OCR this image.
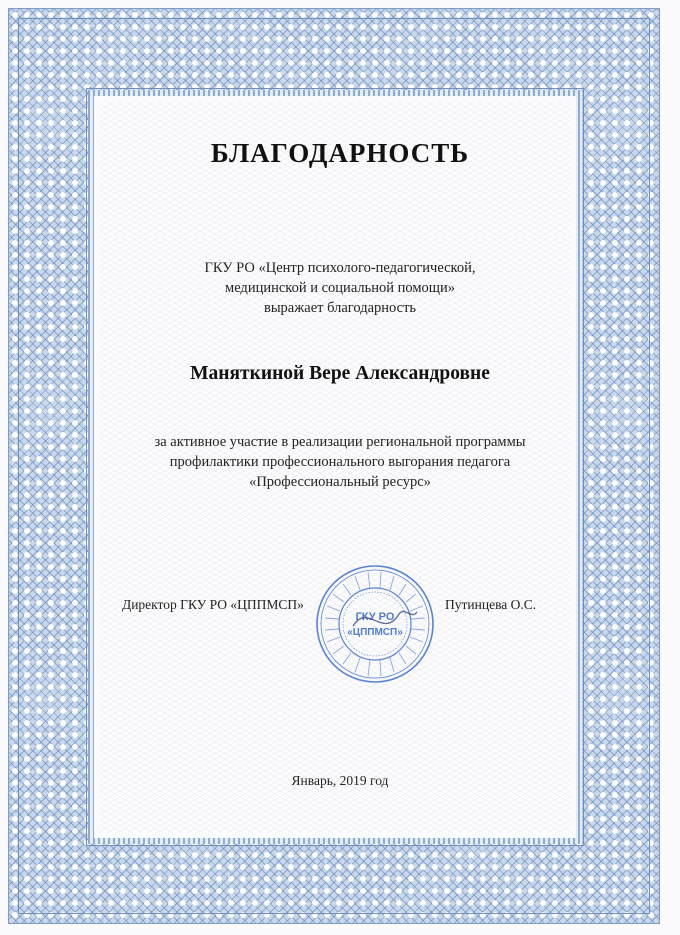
БЛАГОДАРНОСТЬ
ГКУ РО «Центр психолого-педагогической,
медицинской и социальной помощи»
выражает благодарность
Маняткиной Вере Александровне
за активное участие в реализации региональной программы
профилактики профессионального выгорания педагога
«Профессиональный ресурс»
Директор ГКУ РО «ЦППМСП»	Путинцева О.С.
ГКУ РО
«ЦППМСП»
Январь, 2019 год
